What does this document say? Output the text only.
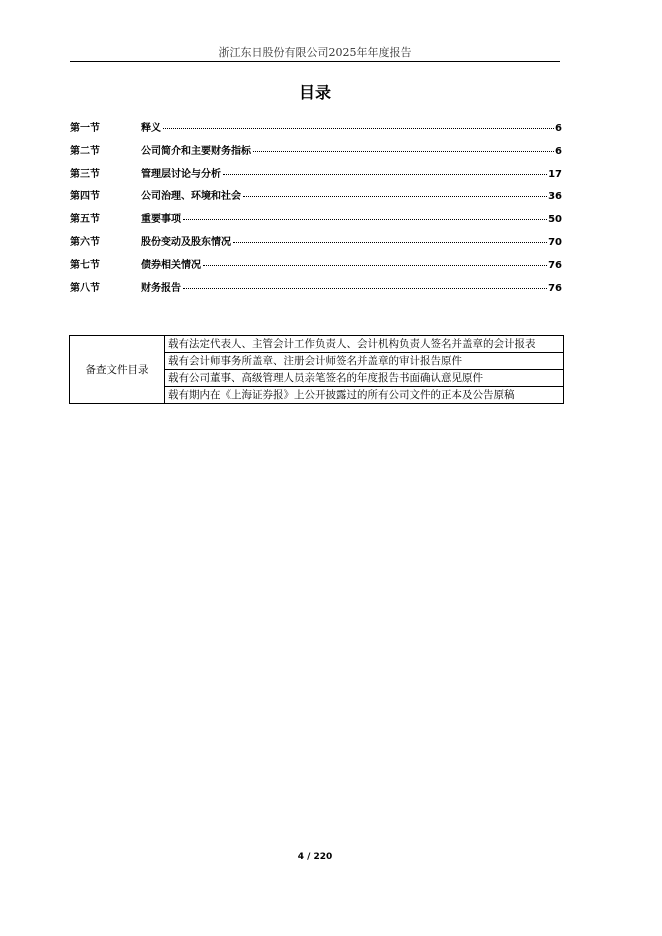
浙江东日股份有限公司2025年年度报告
目录
第一节	释义	6
第二节	公司简介和主要财务指标	6
第三节	管理层讨论与分析	17
第四节	公司治理、环境和社会	36
第五节	重要事项	50
第六节	股份变动及股东情况	70
第七节	债券相关情况	76
第八节	财务报告	76
备查文件目录	载有法定代表人、主管会计工作负责人、会计机构负责人签名并盖章的会计报表
载有会计师事务所盖章、注册会计师签名并盖章的审计报告原件
载有公司董事、高级管理人员亲笔签名的年度报告书面确认意见原件
载有期内在《上海证券报》上公开披露过的所有公司文件的正本及公告原稿
4 / 220
